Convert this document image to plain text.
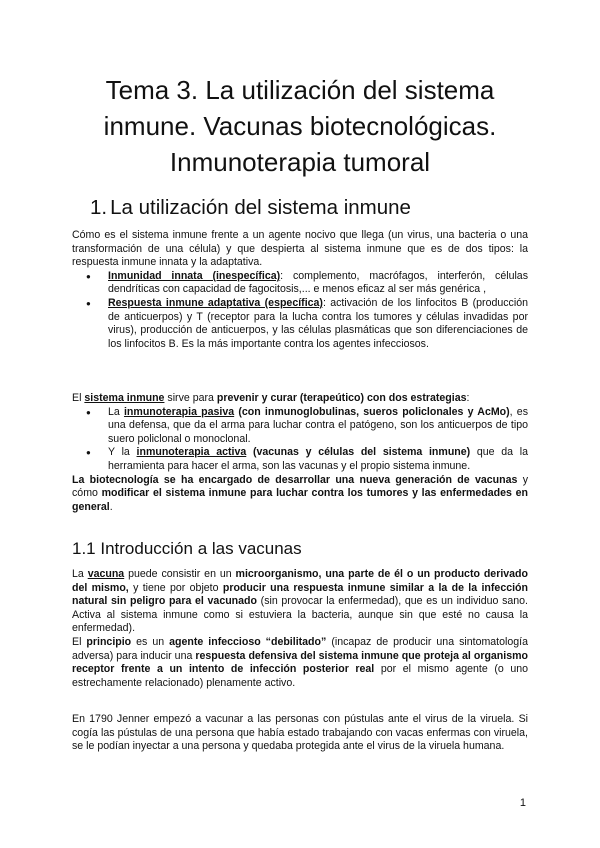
Tema 3. La utilización del sistema
inmune. Vacunas biotecnológicas.
Inmunoterapia tumoral
1. La utilización del sistema inmune

Cómo es el sistema inmune frente a un agente nocivo que llega (un virus, una bacteria o una transformación de una célula) y que despierta al sistema inmune que es de dos tipos: la respuesta inmune innata y la adaptativa.

● Inmunidad innata (inespecífica): complemento, macrófagos, interferón, células dendríticas con capacidad de fagocitosis,... e menos eficaz al ser más genérica ,
● Respuesta inmune adaptativa (específica): activación de los linfocitos B (producción de anticuerpos) y T (receptor para la lucha contra los tumores y células invadidas por virus), producción de anticuerpos, y las células plasmáticas que son diferenciaciones de los linfocitos B. Es la más importante contra los agentes infecciosos.

El sistema inmune sirve para prevenir y curar (terapeútico) con dos estrategias:

● La inmunoterapia pasiva (con inmunoglobulinas, sueros policlonales y AcMo), es una defensa, que da el arma para luchar contra el patógeno, son los anticuerpos de tipo suero policlonal o monoclonal.
● Y la inmunoterapia activa (vacunas y células del sistema inmune) que da la herramienta para hacer el arma, son las vacunas y el propio sistema inmune.

La biotecnología se ha encargado de desarrollar una nueva generación de vacunas y cómo modificar el sistema inmune para luchar contra los tumores y las enfermedades en general.

1.1 Introducción a las vacunas

La vacuna puede consistir en un microorganismo, una parte de él o un producto derivado del mismo, y tiene por objeto producir una respuesta inmune similar a la de la infección natural sin peligro para el vacunado (sin provocar la enfermedad), que es un individuo sano. Activa al sistema inmune como si estuviera la bacteria, aunque sin que esté no causa la enfermedad).

El principio es un agente infeccioso “debilitado” (incapaz de producir una sintomatología adversa) para inducir una respuesta defensiva del sistema inmune que proteja al organismo receptor frente a un intento de infección posterior real por el mismo agente (o uno estrechamente relacionado) plenamente activo.

En 1790 Jenner empezó a vacunar a las personas con pústulas ante el virus de la viruela. Si cogía las pústulas de una persona que había estado trabajando con vacas enfermas con viruela, se le podían inyectar a una persona y quedaba protegida ante el virus de la viruela humana.

1
